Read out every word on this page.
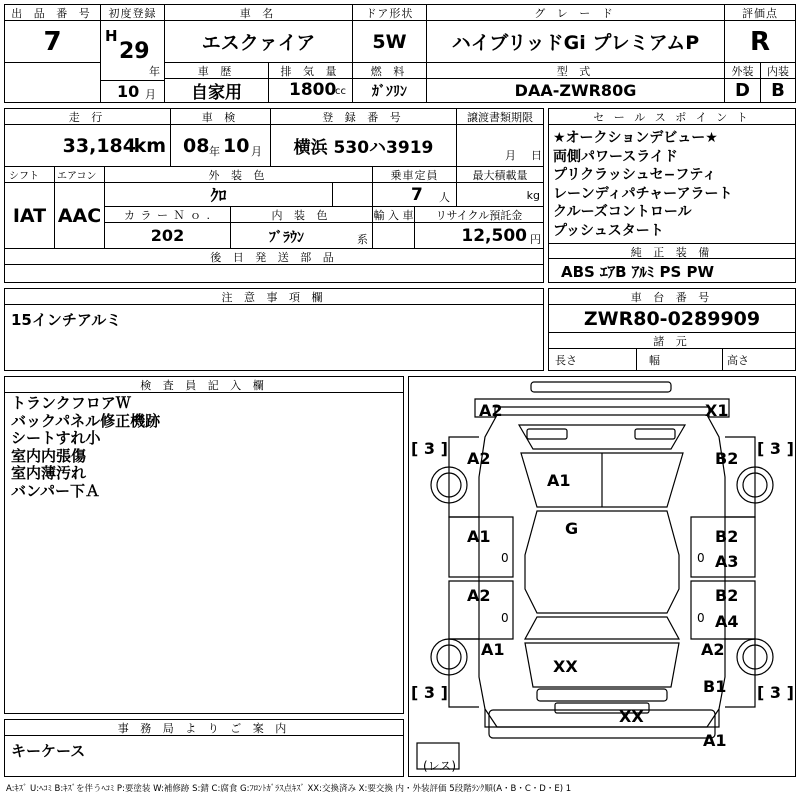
出 品 番 号
7
初度登録
H
29
年
10 月
車 名
エスクァイア
ドア形状
5W
グ レ ー ド
ハイブリッドGi プレミアムP
評価点
R
車 歴
自家用
排 気 量
1800
cc
燃 料
ｶﾞｿﾘﾝ
型 式
DAA-ZWR80G
外装	内装
D	B
走 行
33,184
km
車 検
08 年 10 月
登 録 番 号
横浜 530ハ3919
譲渡書類期限
月 日
シフト	エアコン
IAT AAC
外 装 色
ｸﾛ
乗車定員
7 人
最大積載量
kg
カ ラ ー Ｎ ｏ .
202
内 装 色
ﾌﾞﾗｳﾝ	系
輸 入 車	リサイクル預託金
12,500 円
後 日 発 送 部 品
セ ー ル ス ポ イ ン ト
★オークションデビュー★
両側パワースライド
プリクラッシュセ−フティ
レーンディパチャーアラート
クルーズコントロール
プッシュスタート
純 正 装 備
ABS ｴｱB ｱﾙﾐ PS PW
注 意 事 項 欄
15インチアルミ
車 台 番 号
ZWR80-0289909
諸 元
長さ	幅	高さ
検 査 員 記 入 欄
トランクフロアＷ
バックパネル修正機跡
シートすれ小
室内内張傷
室内薄汚れ
バンパー下Ａ
事 務 局 よ り ご 案 内
キーケース
A2	X1
A2	B2
A1
G
A1	B2
A3
A2	B2
A4
A1	A2
XX
B1
XX
A1
[ 3 ]	[ 3 ]
[ 3 ]	[ 3 ]
0	0
0	0
(レス)
A:ｷｽﾞ U:ﾍｺﾐ B:ｷｽﾞを伴うﾍｺﾐ P:要塗装 W:補修跡 S:錆 C:腐食 G:ﾌﾛﾝﾄｶﾞﾗｽ点ｷｽﾞ XX:交換済み X:要交換 内・外装評価 5段階ﾗﾝｸ順(A・B・C・D・E) 1
